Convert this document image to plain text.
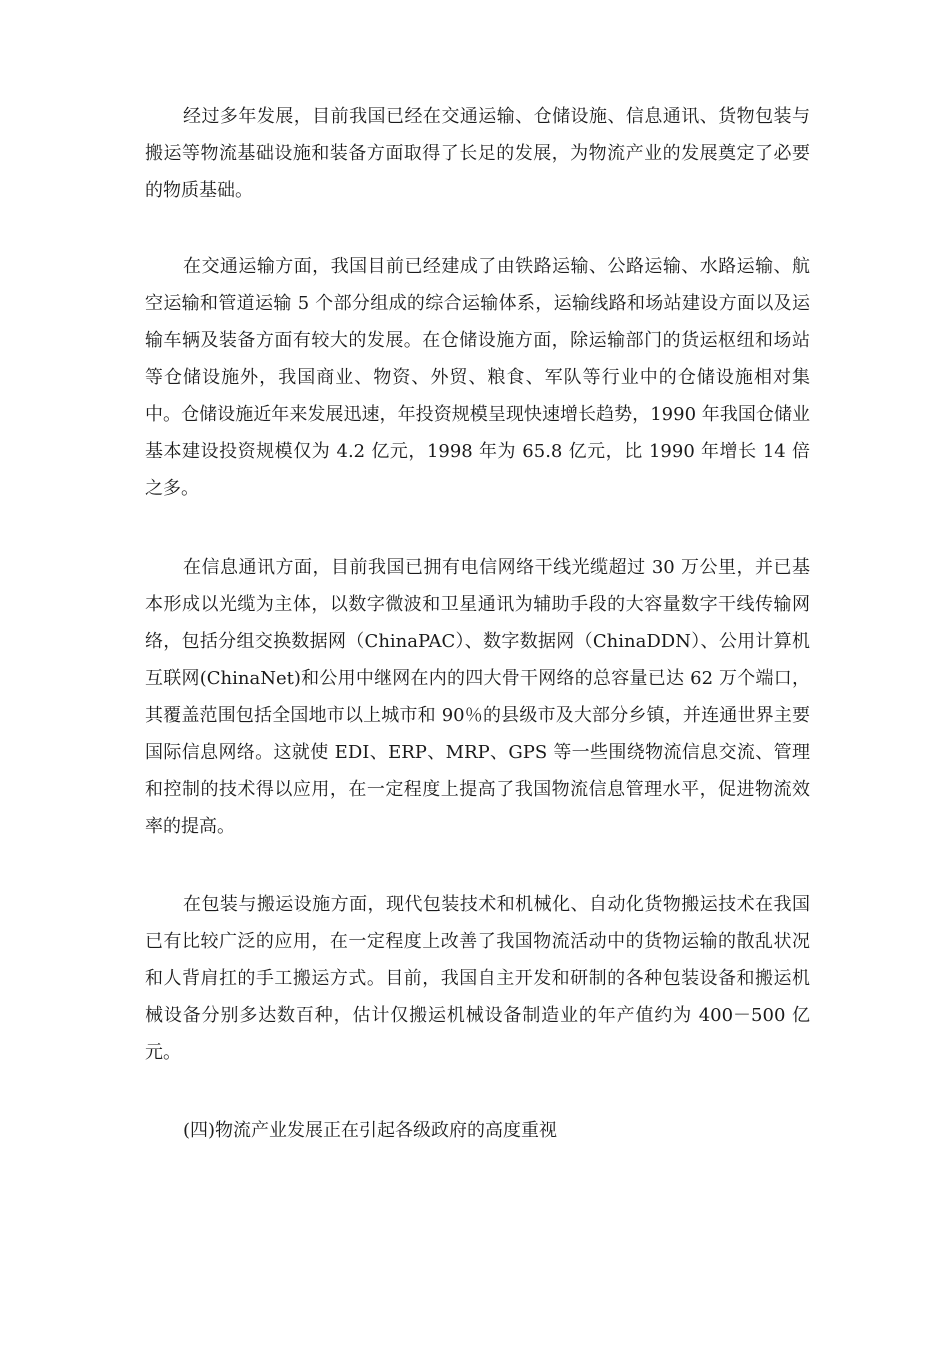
经过多年发展，目前我国已经在交通运输、仓储设施、信息通讯、货物包装与搬运等物流基础设施和装备方面取得了长足的发展，为物流产业的发展奠定了必要的物质基础。

在交通运输方面，我国目前已经建成了由铁路运输、公路运输、水路运输、航空运输和管道运输 5 个部分组成的综合运输体系，运输线路和场站建设方面以及运输车辆及装备方面有较大的发展。在仓储设施方面，除运输部门的货运枢纽和场站等仓储设施外，我国商业、物资、外贸、粮食、军队等行业中的仓储设施相对集中。仓储设施近年来发展迅速，年投资规模呈现快速增长趋势，1990 年我国仓储业基本建设投资规模仅为 4.2 亿元，1998 年为 65.8 亿元，比 1990 年增长 14 倍之多。

在信息通讯方面，目前我国已拥有电信网络干线光缆超过 30 万公里，并已基本形成以光缆为主体，以数字微波和卫星通讯为辅助手段的大容量数字干线传输网络，包括分组交换数据网（ChinaPAC）、数字数据网（ChinaDDN）、公用计算机互联网(ChinaNet)和公用中继网在内的四大骨干网络的总容量已达 62 万个端口，其覆盖范围包括全国地市以上城市和 90％的县级市及大部分乡镇，并连通世界主要国际信息网络。这就使 EDI、ERP、MRP、GPS 等一些围绕物流信息交流、管理和控制的技术得以应用，在一定程度上提高了我国物流信息管理水平，促进物流效率的提高。

在包装与搬运设施方面，现代包装技术和机械化、自动化货物搬运技术在我国已有比较广泛的应用，在一定程度上改善了我国物流活动中的货物运输的散乱状况和人背肩扛的手工搬运方式。目前，我国自主开发和研制的各种包装设备和搬运机械设备分别多达数百种，估计仅搬运机械设备制造业的年产值约为 400－500 亿元。

(四)物流产业发展正在引起各级政府的高度重视
